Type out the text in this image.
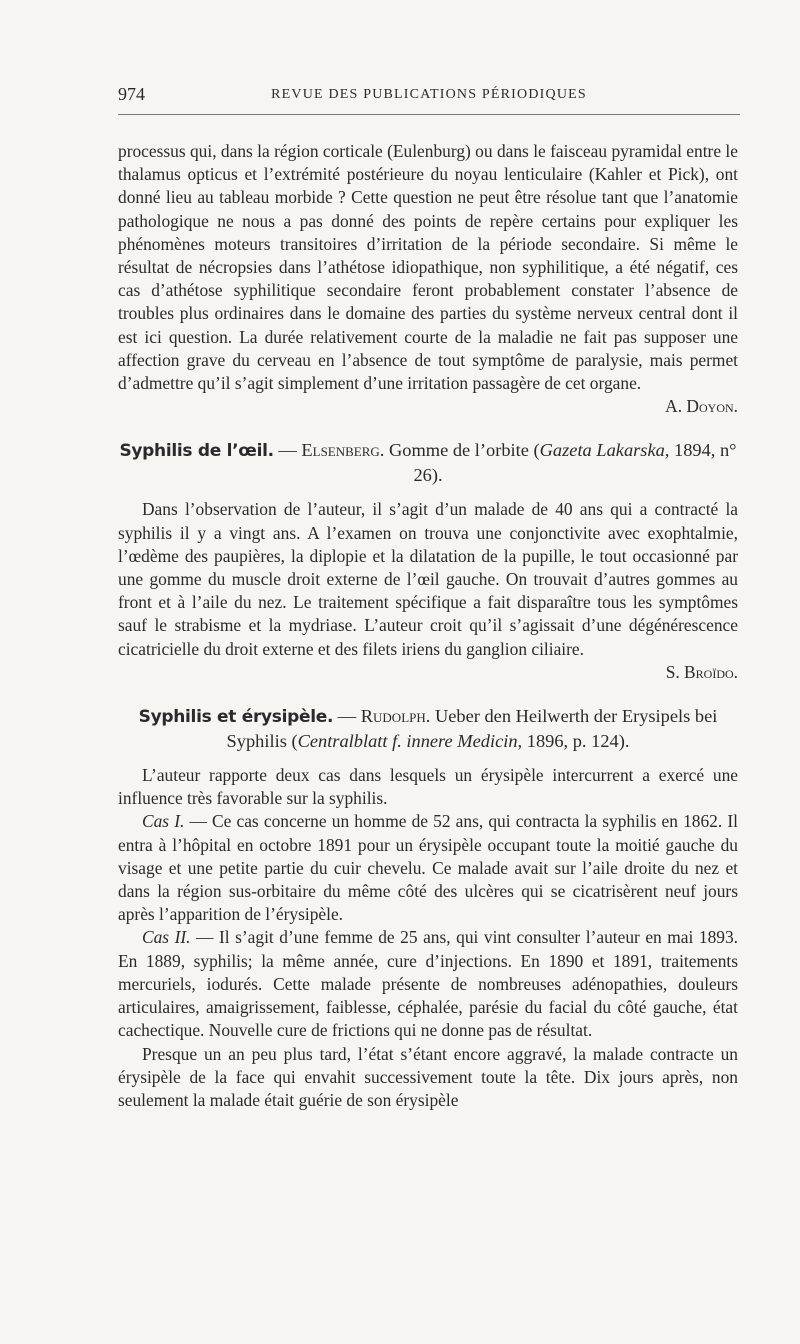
974	REVUE DES PUBLICATIONS PÉRIODIQUES

processus qui, dans la région corticale (Eulenburg) ou dans le faisceau pyramidal entre le thalamus opticus et l’extrémité postérieure du noyau lenticulaire (Kahler et Pick), ont donné lieu au tableau morbide ? Cette question ne peut être résolue tant que l’anatomie pathologique ne nous a pas donné des points de repère certains pour expliquer les phénomènes moteurs transitoires d’irritation de la période secondaire. Si même le résultat de nécropsies dans l’athétose idiopathique, non syphilitique, a été négatif, ces cas d’athétose syphilitique secondaire feront probablement constater l’absence de troubles plus ordinaires dans le domaine des parties du système nerveux central dont il est ici question. La durée relativement courte de la maladie ne fait pas supposer une affection grave du cerveau en l’absence de tout symptôme de paralysie, mais permet d’admettre qu’il s’agit simplement d’une irritation passagère de cet organe.

A. Doyon.

Syphilis de l’œil. — Elsenberg. Gomme de l’orbite (Gazeta Lakarska, 1894, n° 26).

Dans l’observation de l’auteur, il s’agit d’un malade de 40 ans qui a contracté la syphilis il y a vingt ans. A l’examen on trouva une conjonctivite avec exophtalmie, l’œdème des paupières, la diplopie et la dilatation de la pupille, le tout occasionné par une gomme du muscle droit externe de l’œil gauche. On trouvait d’autres gommes au front et à l’aile du nez. Le traitement spécifique a fait disparaître tous les symptômes sauf le strabisme et la mydriase. L’auteur croit qu’il s’agissait d’une dégénérescence cicatricielle du droit externe et des filets iriens du ganglion ciliaire.

S. Broïdo.

Syphilis et érysipèle. — Rudolph. Ueber den Heilwerth der Erysipels bei Syphilis (Centralblatt f. innere Medicin, 1896, p. 124).

L’auteur rapporte deux cas dans lesquels un érysipèle intercurrent a exercé une influence très favorable sur la syphilis.

Cas I. — Ce cas concerne un homme de 52 ans, qui contracta la syphilis en 1862. Il entra à l’hôpital en octobre 1891 pour un érysipèle occupant toute la moitié gauche du visage et une petite partie du cuir chevelu. Ce malade avait sur l’aile droite du nez et dans la région sus-orbitaire du même côté des ulcères qui se cicatrisèrent neuf jours après l’apparition de l’érysipèle.

Cas II. — Il s’agit d’une femme de 25 ans, qui vint consulter l’auteur en mai 1893. En 1889, syphilis; la même année, cure d’injections. En 1890 et 1891, traitements mercuriels, iodurés. Cette malade présente de nombreuses adénopathies, douleurs articulaires, amaigrissement, faiblesse, céphalée, parésie du facial du côté gauche, état cachectique. Nouvelle cure de frictions qui ne donne pas de résultat.

Presque un an peu plus tard, l’état s’étant encore aggravé, la malade contracte un érysipèle de la face qui envahit successivement toute la tête. Dix jours après, non seulement la malade était guérie de son érysipèle
